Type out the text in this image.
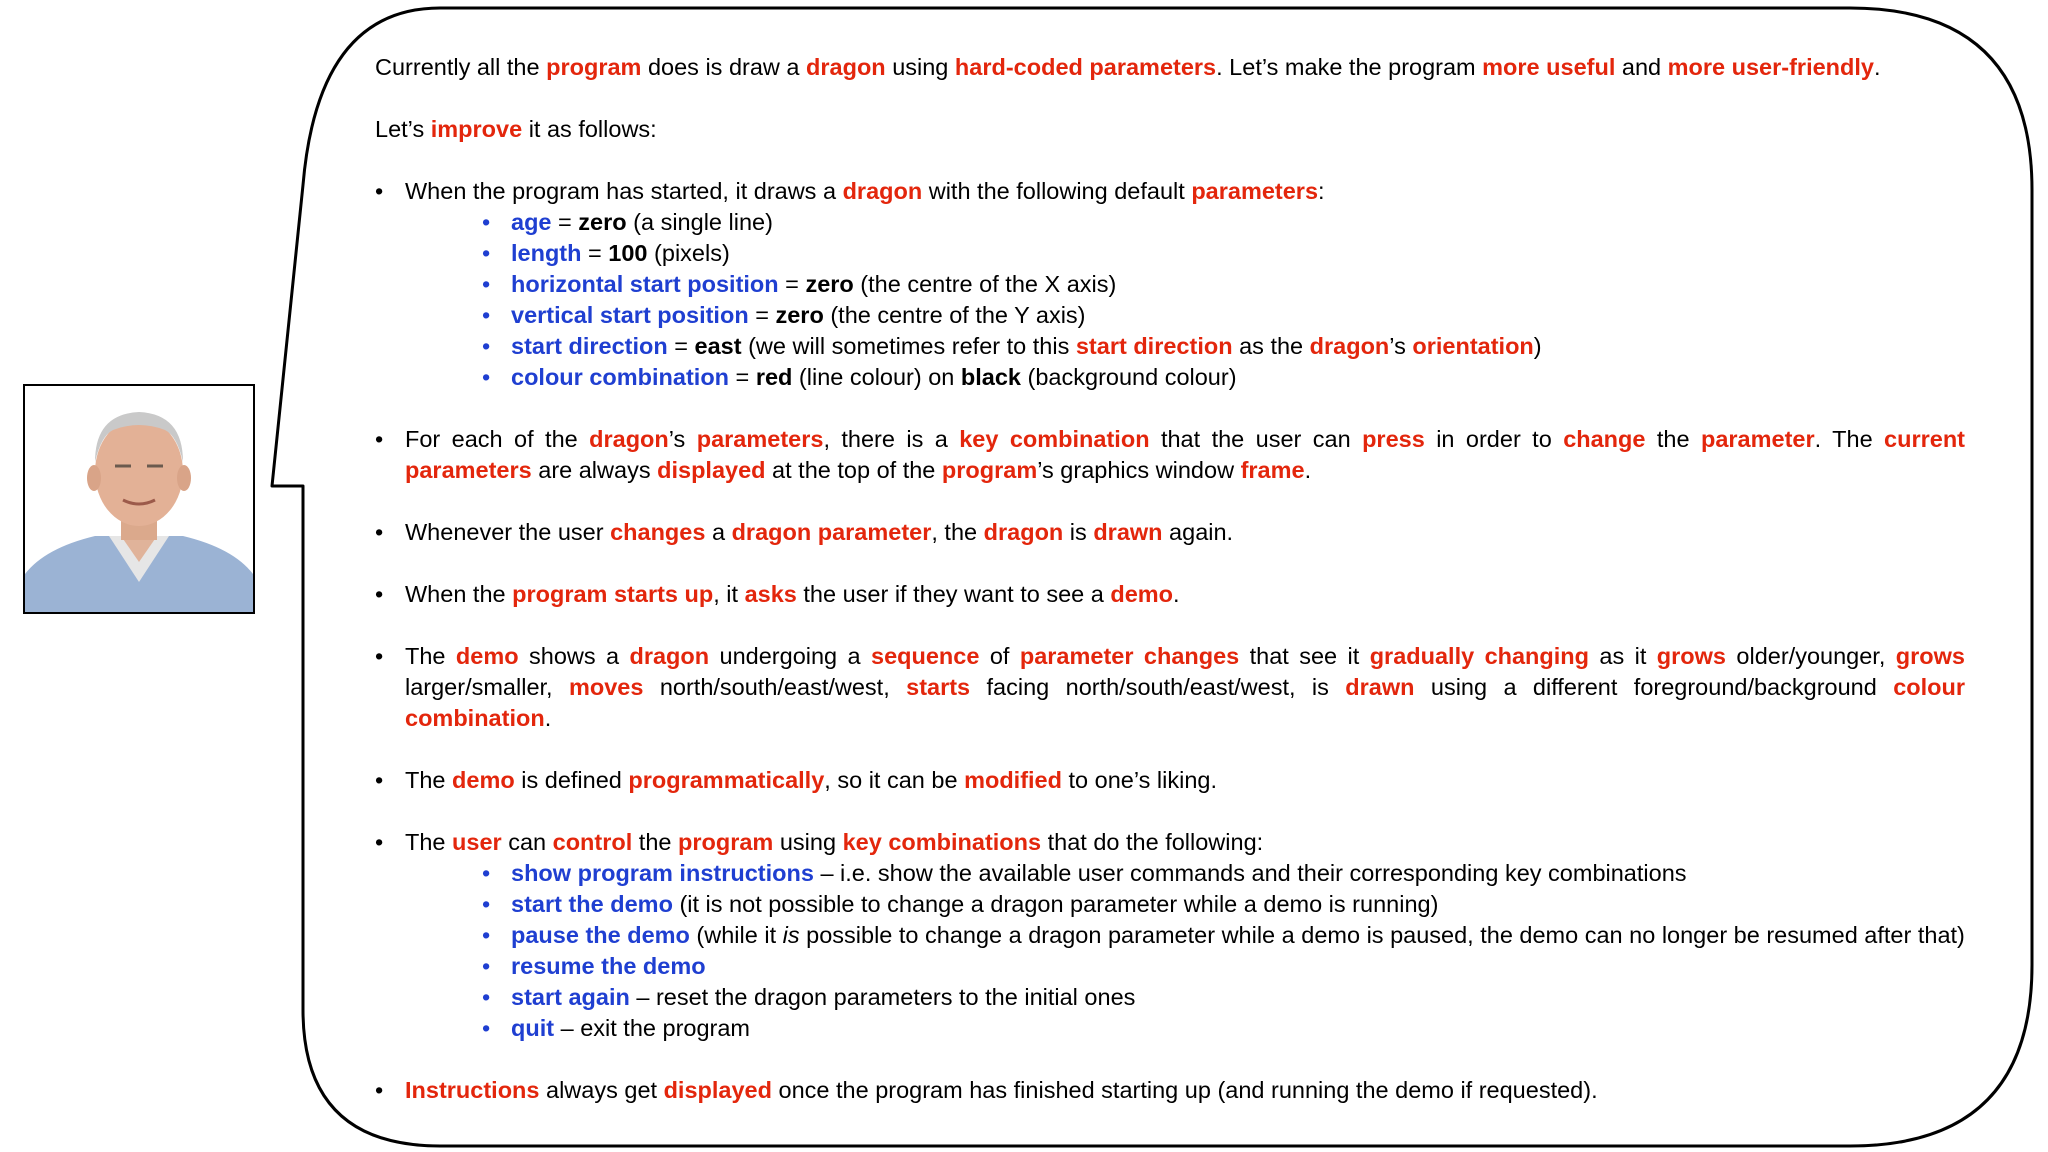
Currently all the program does is draw a dragon using hard-coded parameters. Let’s make the program more useful and more user-friendly.

Let’s improve it as follows:

• When the program has started, it draws a dragon with the following default parameters:
• age = zero (a single line)
• length = 100 (pixels)
• horizontal start position = zero (the centre of the X axis)
• vertical start position = zero (the centre of the Y axis)
• start direction = east (we will sometimes refer to this start direction as the dragon’s orientation)
• colour combination = red (line colour) on black (background colour)
• For each of the dragon’s parameters, there is a key combination that the user can press in order to change the parameter. The current parameters are always displayed at the top of the program’s graphics window frame.
• Whenever the user changes a dragon parameter, the dragon is drawn again.
• When the program starts up, it asks the user if they want to see a demo.
• The demo shows a dragon undergoing a sequence of parameter changes that see it gradually changing as it grows older/younger, grows larger/smaller, moves north/south/east/west, starts facing north/south/east/west, is drawn using a different foreground/background colour combination.
• The demo is defined programmatically, so it can be modified to one’s liking.
• The user can control the program using key combinations that do the following:
• show program instructions – i.e. show the available user commands and their corresponding key combinations
• start the demo (it is not possible to change a dragon parameter while a demo is running)
• pause the demo (while it is possible to change a dragon parameter while a demo is paused, the demo can no longer be resumed after that)
• resume the demo
• start again – reset the dragon parameters to the initial ones
• quit – exit the program
• Instructions always get displayed once the program has finished starting up (and running the demo if requested).
